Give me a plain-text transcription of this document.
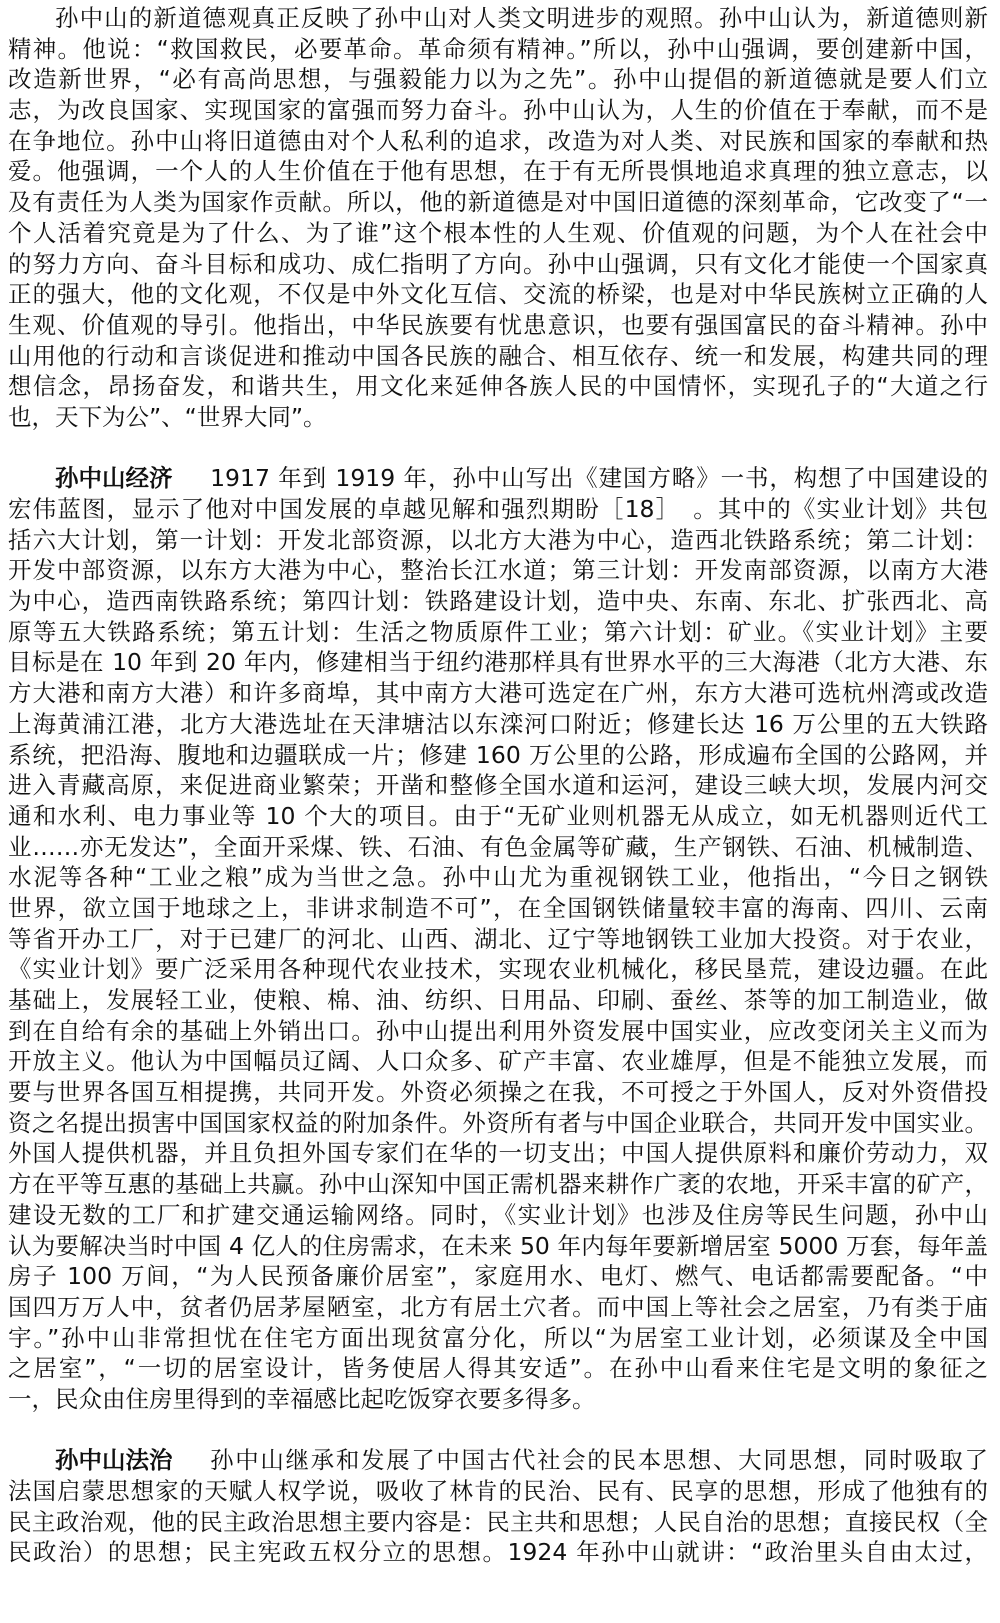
孙中山的新道德观真正反映了孙中山对人类文明进步的观照。孙中山认为，新道德则新
精神。他说：“救国救民，必要革命。革命须有精神。”所以，孙中山强调，要创建新中国，
改造新世界，“必有高尚思想，与强毅能力以为之先”。孙中山提倡的新道德就是要人们立
志，为改良国家、实现国家的富强而努力奋斗。孙中山认为，人生的价值在于奉献，而不是
在争地位。孙中山将旧道德由对个人私利的追求，改造为对人类、对民族和国家的奉献和热
爱。他强调，一个人的人生价值在于他有思想，在于有无所畏惧地追求真理的独立意志，以
及有责任为人类为国家作贡献。所以，他的新道德是对中国旧道德的深刻革命，它改变了“一
个人活着究竟是为了什么、为了谁”这个根本性的人生观、价值观的问题，为个人在社会中
的努力方向、奋斗目标和成功、成仁指明了方向。孙中山强调，只有文化才能使一个国家真
正的强大，他的文化观，不仅是中外文化互信、交流的桥梁，也是对中华民族树立正确的人
生观、价值观的导引。他指出，中华民族要有忧患意识，也要有强国富民的奋斗精神。孙中
山用他的行动和言谈促进和推动中国各民族的融合、相互依存、统一和发展，构建共同的理
想信念，昂扬奋发，和谐共生，用文化来延伸各族人民的中国情怀，实现孔子的“大道之行
也，天下为公”、“世界大同”。
孙中山经济 1917 年到 1919 年，孙中山写出《建国方略》一书，构想了中国建设的
宏伟蓝图，显示了他对中国发展的卓越见解和强烈期盼［18］　。其中的《实业计划》共包
括六大计划，第一计划：开发北部资源，以北方大港为中心，造西北铁路系统；第二计划：
开发中部资源，以东方大港为中心，整治长江水道；第三计划：开发南部资源，以南方大港
为中心，造西南铁路系统；第四计划：铁路建设计划，造中央、东南、东北、扩张西北、高
原等五大铁路系统；第五计划：生活之物质原件工业；第六计划：矿业。《实业计划》主要
目标是在 10 年到 20 年内，修建相当于纽约港那样具有世界水平的三大海港（北方大港、东
方大港和南方大港）和许多商埠，其中南方大港可选定在广州，东方大港可选杭州湾或改造
上海黄浦江港，北方大港选址在天津塘沽以东滦河口附近；修建长达 16 万公里的五大铁路
系统，把沿海、腹地和边疆联成一片；修建 160 万公里的公路，形成遍布全国的公路网，并
进入青藏高原，来促进商业繁荣；开凿和整修全国水道和运河，建设三峡大坝，发展内河交
通和水利、电力事业等 10 个大的项目。由于“无矿业则机器无从成立，如无机器则近代工
业……亦无发达”，全面开采煤、铁、石油、有色金属等矿藏，生产钢铁、石油、机械制造、
水泥等各种“工业之粮”成为当世之急。孙中山尤为重视钢铁工业，他指出，“今日之钢铁
世界，欲立国于地球之上，非讲求制造不可”，在全国钢铁储量较丰富的海南、四川、云南
等省开办工厂，对于已建厂的河北、山西、湖北、辽宁等地钢铁工业加大投资。对于农业，
《实业计划》要广泛采用各种现代农业技术，实现农业机械化，移民垦荒，建设边疆。在此
基础上，发展轻工业，使粮、棉、油、纺织、日用品、印刷、蚕丝、茶等的加工制造业，做
到在自给有余的基础上外销出口。孙中山提出利用外资发展中国实业，应改变闭关主义而为
开放主义。他认为中国幅员辽阔、人口众多、矿产丰富、农业雄厚，但是不能独立发展，而
要与世界各国互相提携，共同开发。外资必须操之在我，不可授之于外国人，反对外资借投
资之名提出损害中国国家权益的附加条件。外资所有者与中国企业联合，共同开发中国实业。
外国人提供机器，并且负担外国专家们在华的一切支出；中国人提供原料和廉价劳动力，双
方在平等互惠的基础上共赢。孙中山深知中国正需机器来耕作广袤的农地，开采丰富的矿产，
建设无数的工厂和扩建交通运输网络。同时，《实业计划》也涉及住房等民生问题，孙中山
认为要解决当时中国 4 亿人的住房需求，在未来 50 年内每年要新增居室 5000 万套，每年盖
房子 100 万间，“为人民预备廉价居室”，家庭用水、电灯、燃气、电话都需要配备。“中
国四万万人中，贫者仍居茅屋陋室，北方有居土穴者。而中国上等社会之居室，乃有类于庙
宇。”孙中山非常担忧在住宅方面出现贫富分化，所以“为居室工业计划，必须谋及全中国
之居室”，“一切的居室设计，皆务使居人得其安适”。在孙中山看来住宅是文明的象征之
一，民众由住房里得到的幸福感比起吃饭穿衣要多得多。
孙中山法治 孙中山继承和发展了中国古代社会的民本思想、大同思想，同时吸取了
法国启蒙思想家的天赋人权学说，吸收了林肯的民治、民有、民享的思想，形成了他独有的
民主政治观，他的民主政治思想主要内容是：民主共和思想；人民自治的思想；直接民权（全
民政治）的思想；民主宪政五权分立的思想。1924 年孙中山就讲：“政治里头自由太过，
